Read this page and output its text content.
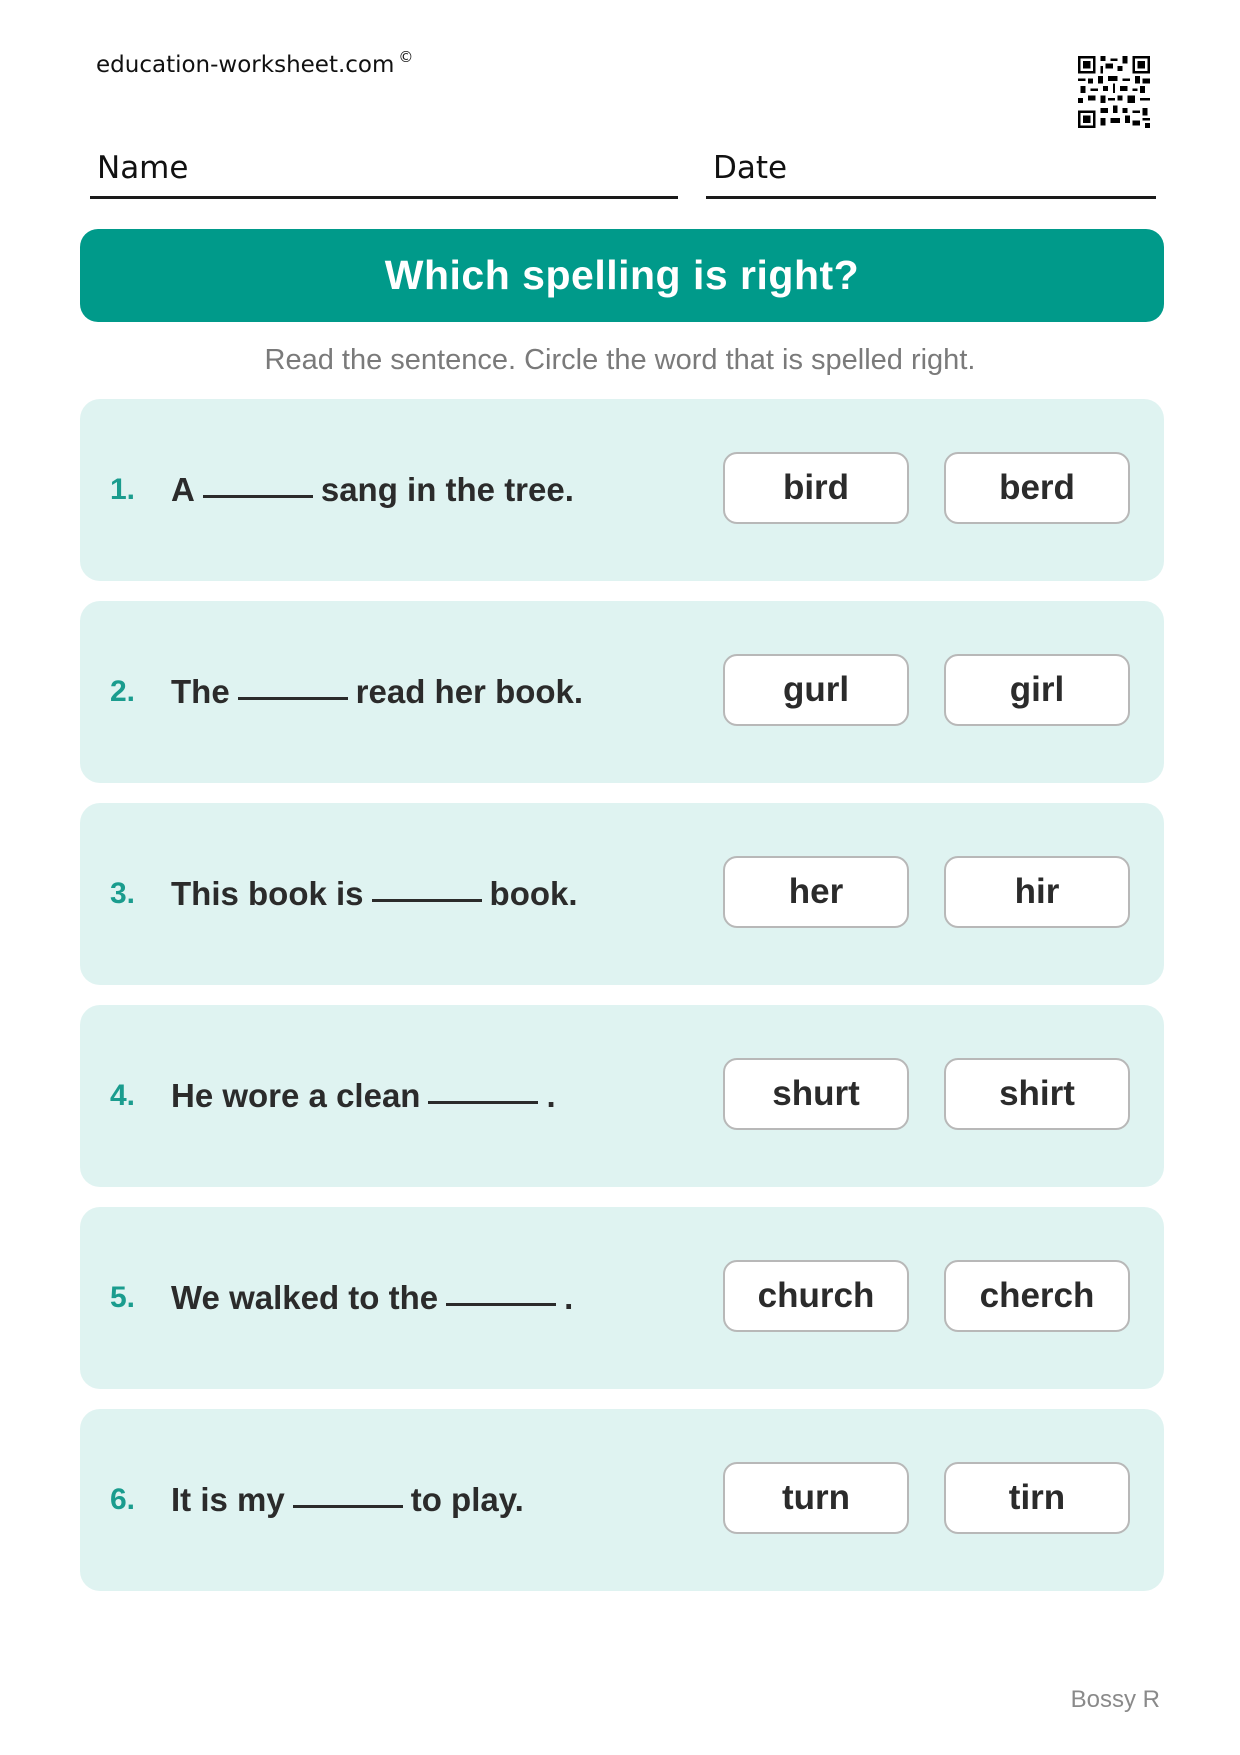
education-worksheet.com ©
Name	Date
Which spelling is right?
Read the sentence. Circle the word that is spelled right.
1. A	sang in the tree.	bird	berd
2. The	read her book.	gurl	girl
3. This book is	book.	her	hir
4. He wore a clean	.	shurt	shirt
5. We walked to the	.	church	cherch
6. It is my	to play.	turn	tirn
Bossy R
